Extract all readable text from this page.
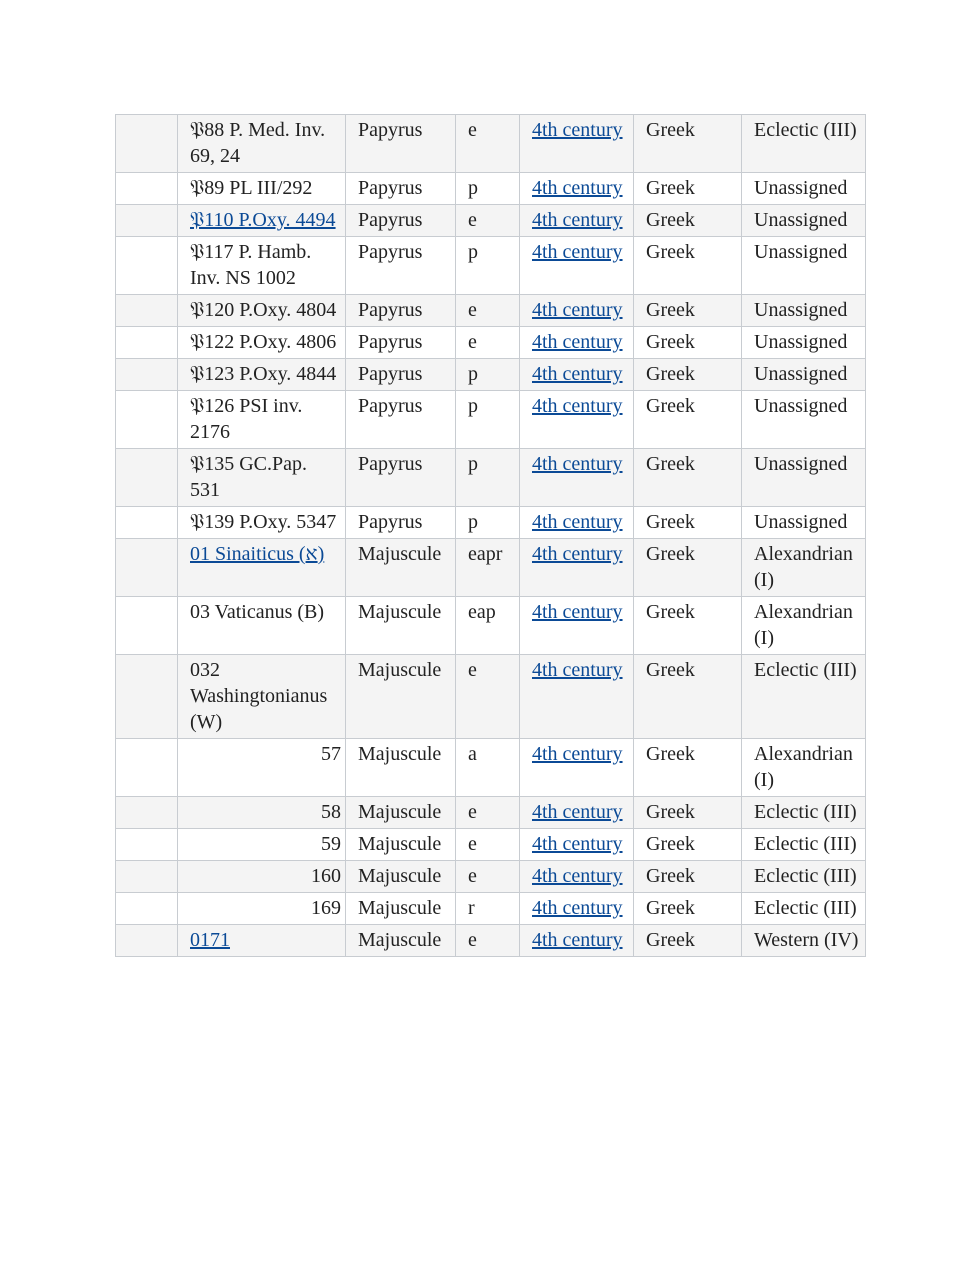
	𝔓88 P. Med. Inv. 69, 24	Papyrus	e	4th century	Greek	Eclectic (III)
	𝔓89 PL III/292	Papyrus	p	4th century	Greek	Unassigned
	𝔓110 P.Oxy. 4494	Papyrus	e	4th century	Greek	Unassigned
	𝔓117 P. Hamb. Inv. NS 1002	Papyrus	p	4th century	Greek	Unassigned
	𝔓120 P.Oxy. 4804	Papyrus	e	4th century	Greek	Unassigned
	𝔓122 P.Oxy. 4806	Papyrus	e	4th century	Greek	Unassigned
	𝔓123 P.Oxy. 4844	Papyrus	p	4th century	Greek	Unassigned
	𝔓126 PSI inv. 2176	Papyrus	p	4th century	Greek	Unassigned
	𝔓135 GC.Pap. 531	Papyrus	p	4th century	Greek	Unassigned
	𝔓139 P.Oxy. 5347	Papyrus	p	4th century	Greek	Unassigned
	01 Sinaiticus (א)	Majuscule	eapr	4th century	Greek	Alexandrian (I)
	03 Vaticanus (B)	Majuscule	eap	4th century	Greek	Alexandrian (I)
	032 Washingtonianus (W)	Majuscule	e	4th century	Greek	Eclectic (III)
	57	Majuscule	a	4th century	Greek	Alexandrian (I)
	58	Majuscule	e	4th century	Greek	Eclectic (III)
	59	Majuscule	e	4th century	Greek	Eclectic (III)
	160	Majuscule	e	4th century	Greek	Eclectic (III)
	169	Majuscule	r	4th century	Greek	Eclectic (III)
	0171	Majuscule	e	4th century	Greek	Western (IV)
